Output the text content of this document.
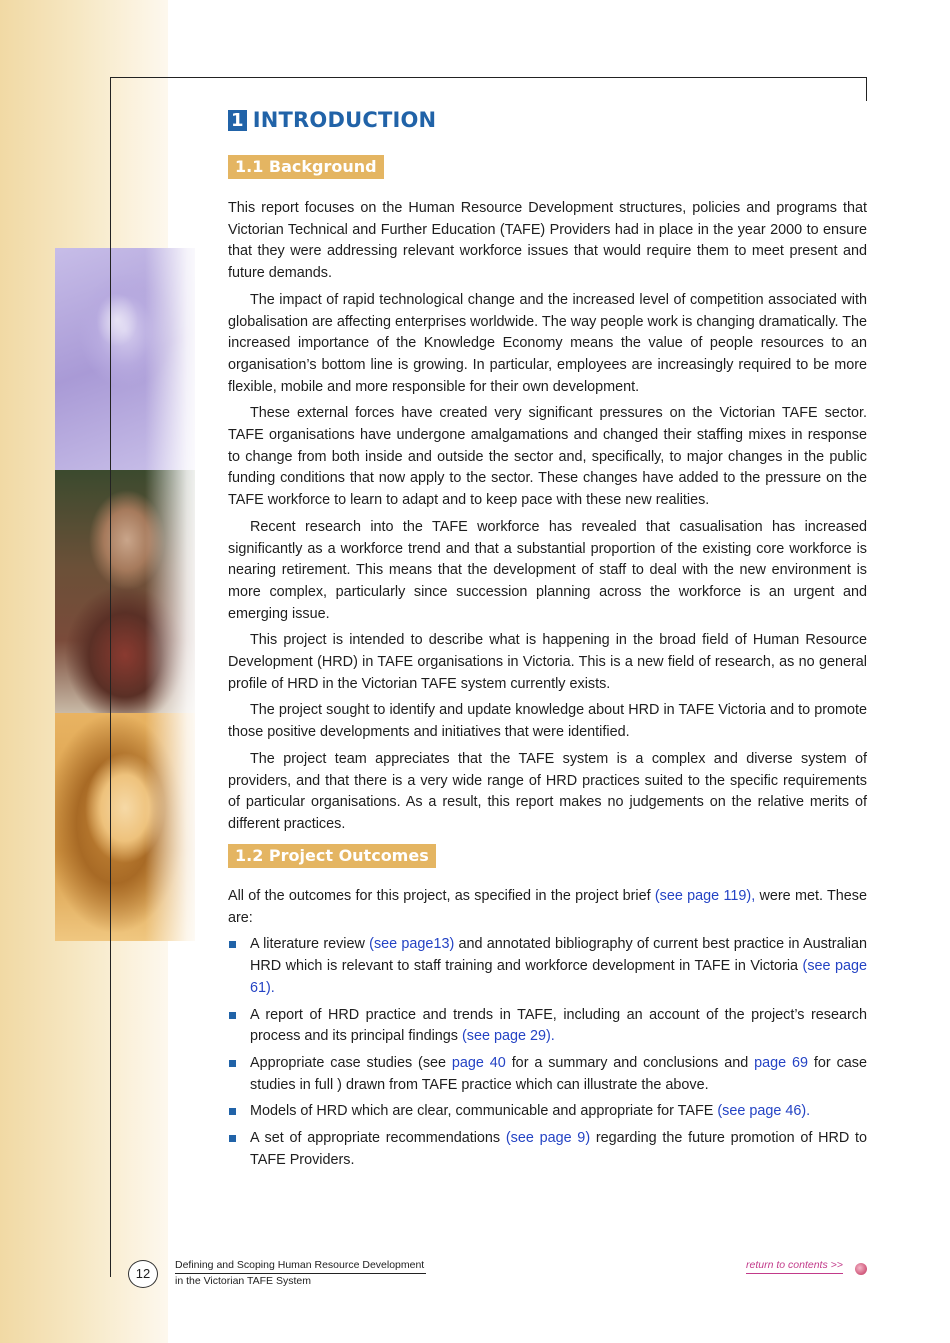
1 INTRODUCTION
1.1 Background

This report focuses on the Human Resource Development structures, policies and programs that Victorian Technical and Further Education (TAFE) Providers had in place in the year 2000 to ensure that they were addressing relevant workforce issues that would require them to meet present and future demands.

The impact of rapid technological change and the increased level of competition associated with globalisation are affecting enterprises worldwide. The way people work is changing dramatically. The increased importance of the Knowledge Economy means the value of people resources to an organisation’s bottom line is growing. In particular, employees are increasingly required to be more flexible, mobile and more responsible for their own development.

These external forces have created very significant pressures on the Victorian TAFE sector. TAFE organisations have undergone amalgamations and changed their staffing mixes in response to change from both inside and outside the sector and, specifically, to major changes in the public funding conditions that now apply to the sector. These changes have added to the pressure on the TAFE workforce to learn to adapt and to keep pace with these new realities.

Recent research into the TAFE workforce has revealed that casualisation has increased significantly as a workforce trend and that a substantial proportion of the existing core workforce is nearing retirement. This means that the development of staff to deal with the new environment is more complex, particularly since succession planning across the workforce is an urgent and emerging issue.

This project is intended to describe what is happening in the broad field of Human Resource Development (HRD) in TAFE organisations in Victoria. This is a new field of research, as no general profile of HRD in the Victorian TAFE system currently exists.

The project sought to identify and update knowledge about HRD in TAFE Victoria and to promote those positive developments and initiatives that were identified.

The project team appreciates that the TAFE system is a complex and diverse system of providers, and that there is a very wide range of HRD practices suited to the specific requirements of particular organisations. As a result, this report makes no judgements on the relative merits of different practices.

1.2 Project Outcomes

All of the outcomes for this project, as specified in the project brief (see page 119), were met. These are:

A literature review (see page13) and annotated bibliography of current best practice in Australian HRD which is relevant to staff training and workforce development in TAFE in Victoria (see page 61).
A report of HRD practice and trends in TAFE, including an account of the project’s research process and its principal findings (see page 29).
Appropriate case studies (see page 40 for a summary and conclusions and page 69 for case studies in full ) drawn from TAFE practice which can illustrate the above.
Models of HRD which are clear, communicable and appropriate for TAFE (see page 46).
A set of appropriate recommendations (see page 9) regarding the future promotion of HRD to TAFE Providers.
12
Defining and Scoping Human Resource Development
in the Victorian TAFE System
return to contents >>
